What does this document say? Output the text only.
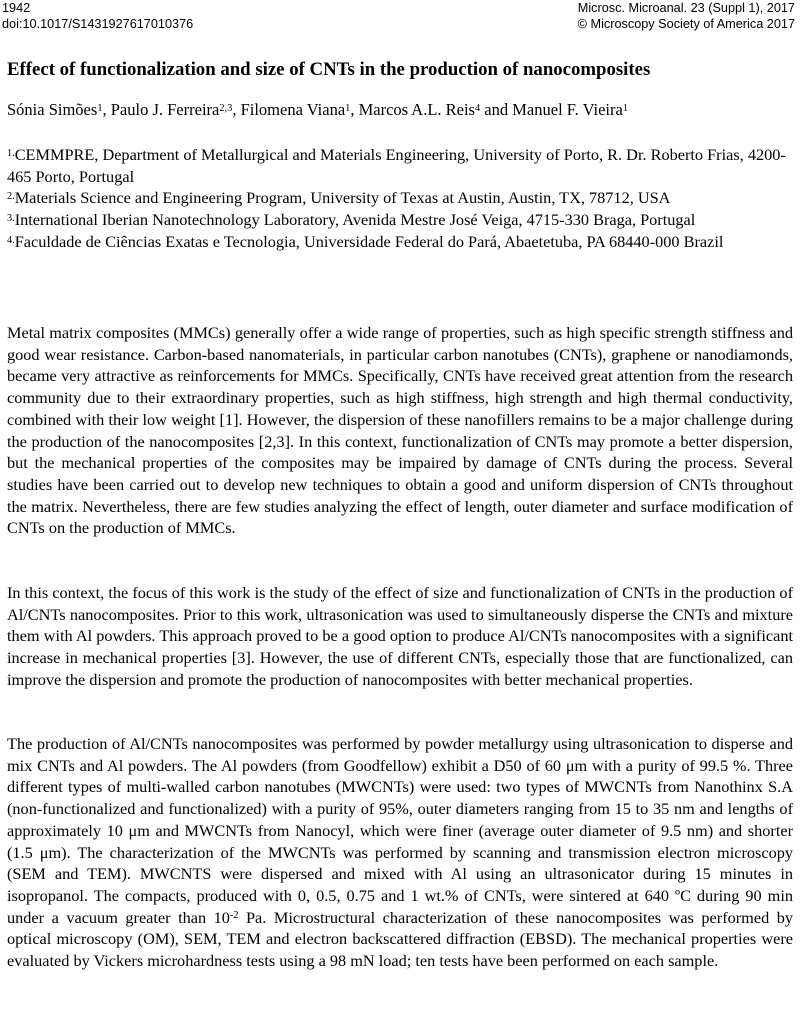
1942
doi:10.1017/S1431927617010376
Microsc. Microanal. 23 (Suppl 1), 2017
© Microscopy Society of America 2017
Effect of functionalization and size of CNTs in the production of nanocomposites

Sónia Simões$^1$, Paulo J. Ferreira$^{2,3}$, Filomena Viana$^1$, Marcos A.L. Reis$^4$ and Manuel F. Vieira$^1$

$^{1.}$CEMMPRE, Department of Metallurgical and Materials Engineering, University of Porto, R. Dr. Roberto Frias, 4200-465 Porto, Portugal
$^{2.}$Materials Science and Engineering Program, University of Texas at Austin, Austin, TX, 78712, USA
$^{3.}$International Iberian Nanotechnology Laboratory, Avenida Mestre José Veiga, 4715-330 Braga, Portugal
$^{4.}$Faculdade de Ciências Exatas e Tecnologia, Universidade Federal do Pará, Abaetetuba, PA 68440-000 Brazil

Metal matrix composites (MMCs) generally offer a wide range of properties, such as high specific strength stiffness and good wear resistance. Carbon-based nanomaterials, in particular carbon nanotubes (CNTs), graphene or nanodiamonds, became very attractive as reinforcements for MMCs. Specifically, CNTs have received great attention from the research community due to their extraordinary properties, such as high stiffness, high strength and high thermal conductivity, combined with their low weight [1]. However, the dispersion of these nanofillers remains to be a major challenge during the production of the nanocomposites [2,3]. In this context, functionalization of CNTs may promote a better dispersion, but the mechanical properties of the composites may be impaired by damage of CNTs during the process. Several studies have been carried out to develop new techniques to obtain a good and uniform dispersion of CNTs throughout the matrix. Nevertheless, there are few studies analyzing the effect of length, outer diameter and surface modification of CNTs on the production of MMCs.

In this context, the focus of this work is the study of the effect of size and functionalization of CNTs in the production of Al/CNTs nanocomposites. Prior to this work, ultrasonication was used to simultaneously disperse the CNTs and mixture them with Al powders. This approach proved to be a good option to produce Al/CNTs nanocomposites with a significant increase in mechanical properties [3]. However, the use of different CNTs, especially those that are functionalized, can improve the dispersion and promote the production of nanocomposites with better mechanical properties.

The production of Al/CNTs nanocomposites was performed by powder metallurgy using ultrasonication to disperse and mix CNTs and Al powders. The Al powders (from Goodfellow) exhibit a D50 of 60 μm with a purity of 99.5 %. Three different types of multi-walled carbon nanotubes (MWCNTs) were used: two types of MWCNTs from Nanothinx S.A (non-functionalized and functionalized) with a purity of 95%, outer diameters ranging from 15 to 35 nm and lengths of approximately 10 μm and MWCNTs from Nanocyl, which were finer (average outer diameter of 9.5 nm) and shorter (1.5 μm). The characterization of the MWCNTs was performed by scanning and transmission electron microscopy (SEM and TEM). MWCNTS were dispersed and mixed with Al using an ultrasonicator during 15 minutes in isopropanol. The compacts, produced with 0, 0.5, 0.75 and 1 wt.% of CNTs, were sintered at 640 ºC during 90 min under a vacuum greater than $10^{-2}$ Pa. Microstructural characterization of these nanocomposites was performed by optical microscopy (OM), SEM, TEM and electron backscattered diffraction (EBSD). The mechanical properties were evaluated by Vickers microhardness tests using a 98 mN load; ten tests have been performed on each sample.
